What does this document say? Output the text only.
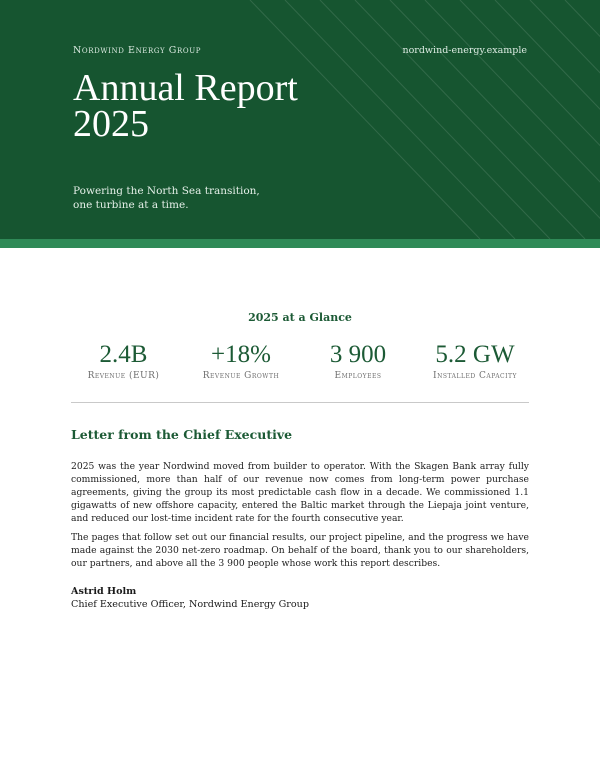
Nordwind Energy Group	nordwind-energy.example
Annual Report
2025
Powering the North Sea transition,
one turbine at a time.
2025 at a Glance
2.4B
Revenue (EUR)
+18%
Revenue Growth
3 900
Employees
5.2 GW
Installed Capacity
Letter from the Chief Executive

2025 was the year Nordwind moved from builder to operator. With the Skagen Bank array fully commissioned, more than half of our revenue now comes from long-term power purchase agreements, giving the group its most predictable cash flow in a decade. We commissioned 1.1 gigawatts of new offshore capacity, entered the Baltic market through the Liepaja joint venture, and reduced our lost-time incident rate for the fourth consecutive year.

The pages that follow set out our financial results, our project pipeline, and the progress we have made against the 2030 net-zero roadmap. On behalf of the board, thank you to our shareholders, our partners, and above all the 3 900 people whose work this report describes.

Astrid Holm
Chief Executive Officer, Nordwind Energy Group
